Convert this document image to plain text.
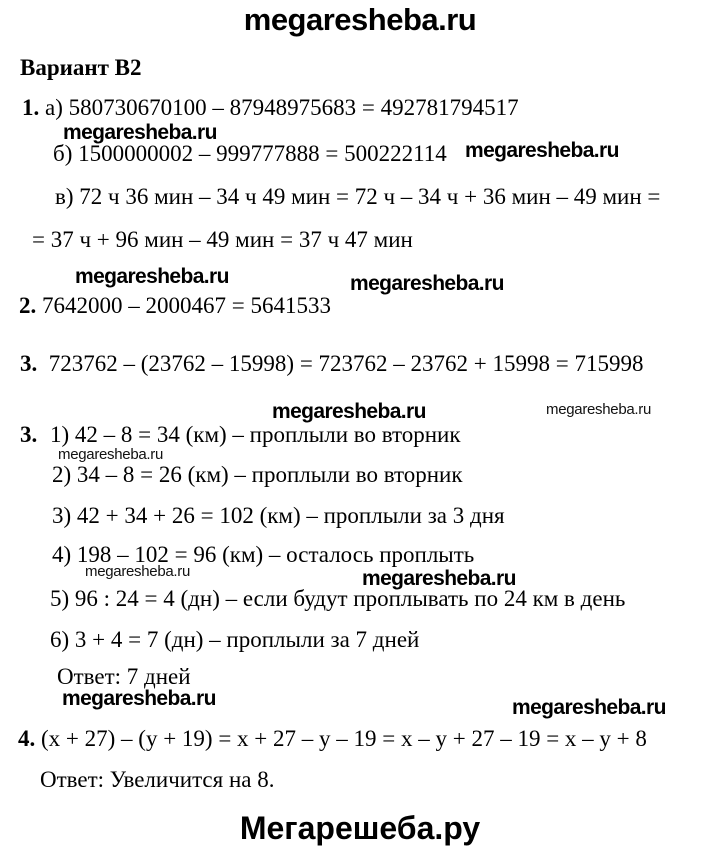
megaresheba.ru
Вариант В2
1. а) 580730670100 – 87948975683 = 492781794517
megaresheba.ru
б) 1500000002 – 999777888 = 500222114 megaresheba.ru
в) 72 ч 36 мин – 34 ч 49 мин = 72 ч – 34 ч + 36 мин – 49 мин =
= 37 ч + 96 мин – 49 мин = 37 ч 47 мин
megaresheba.ru	megaresheba.ru
2. 7642000 – 2000467 = 5641533
3. 723762 – (23762 – 15998) = 723762 – 23762 + 15998 = 715998
megaresheba.ru	megaresheba.ru
3. 1) 42 – 8 = 34 (км) – проплыли во вторник
megaresheba.ru
2) 34 – 8 = 26 (км) – проплыли во вторник
3) 42 + 34 + 26 = 102 (км) – проплыли за 3 дня
4) 198 – 102 = 96 (км) – осталось проплыть
megaresheba.ru	megaresheba.ru
5) 96 : 24 = 4 (дн) – если будут проплывать по 24 км в день
6) 3 + 4 = 7 (дн) – проплыли за 7 дней
Ответ: 7 дней
megaresheba.ru	megaresheba.ru
4. (х + 27) – (у + 19) = х + 27 – у – 19 = х – у + 27 – 19 = х – у + 8
Ответ: Увеличится на 8.
Мегарешеба.ру
